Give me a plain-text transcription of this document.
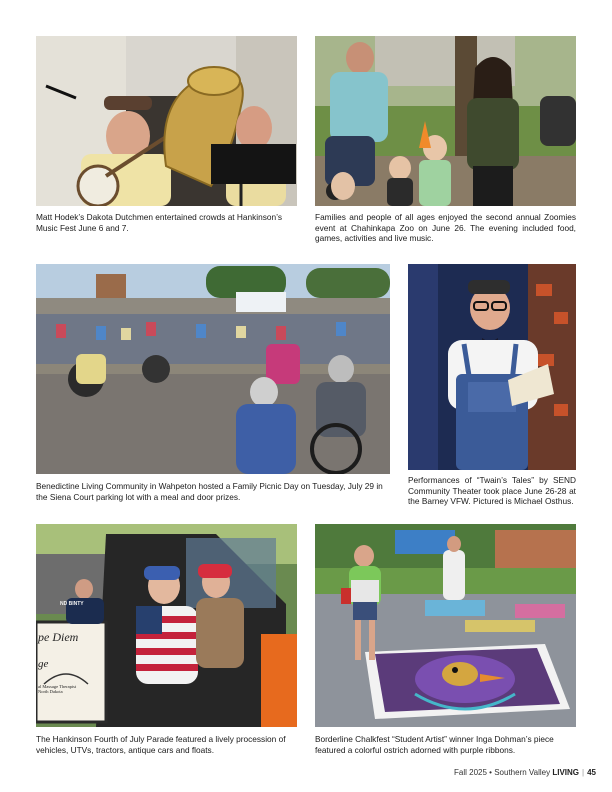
Matt Hodek’s Dakota Dutchmen entertained crowds at Hankinson’s Music Fest June 6 and 7.

Families and people of all ages enjoyed the second annual Zoomies event at Chahinkapa Zoo on June 26. The evening included food, games, activities and live music.

Benedictine Living Community in Wahpeton hosted a Family Picnic Day on Tuesday, July 29 in the Siena Court parking lot with a meal and door prizes.

Performances of “Twain’s Tales” by SEND Community Theater took place June 26-28 at the Barney VFW. Pictured is Michael Osthus.

pe Diem
ge
al Massage Therapist
North Dakota
ND BINTY

The Hankinson Fourth of July Parade featured a lively procession of vehicles, UTVs, tractors, antique cars and floats.

Borderline Chalkfest “Student Artist” winner Inga Dohman’s piece featured a colorful ostrich adorned with purple ribbons.

Fall 2025 • Southern Valley LIVING | 45
